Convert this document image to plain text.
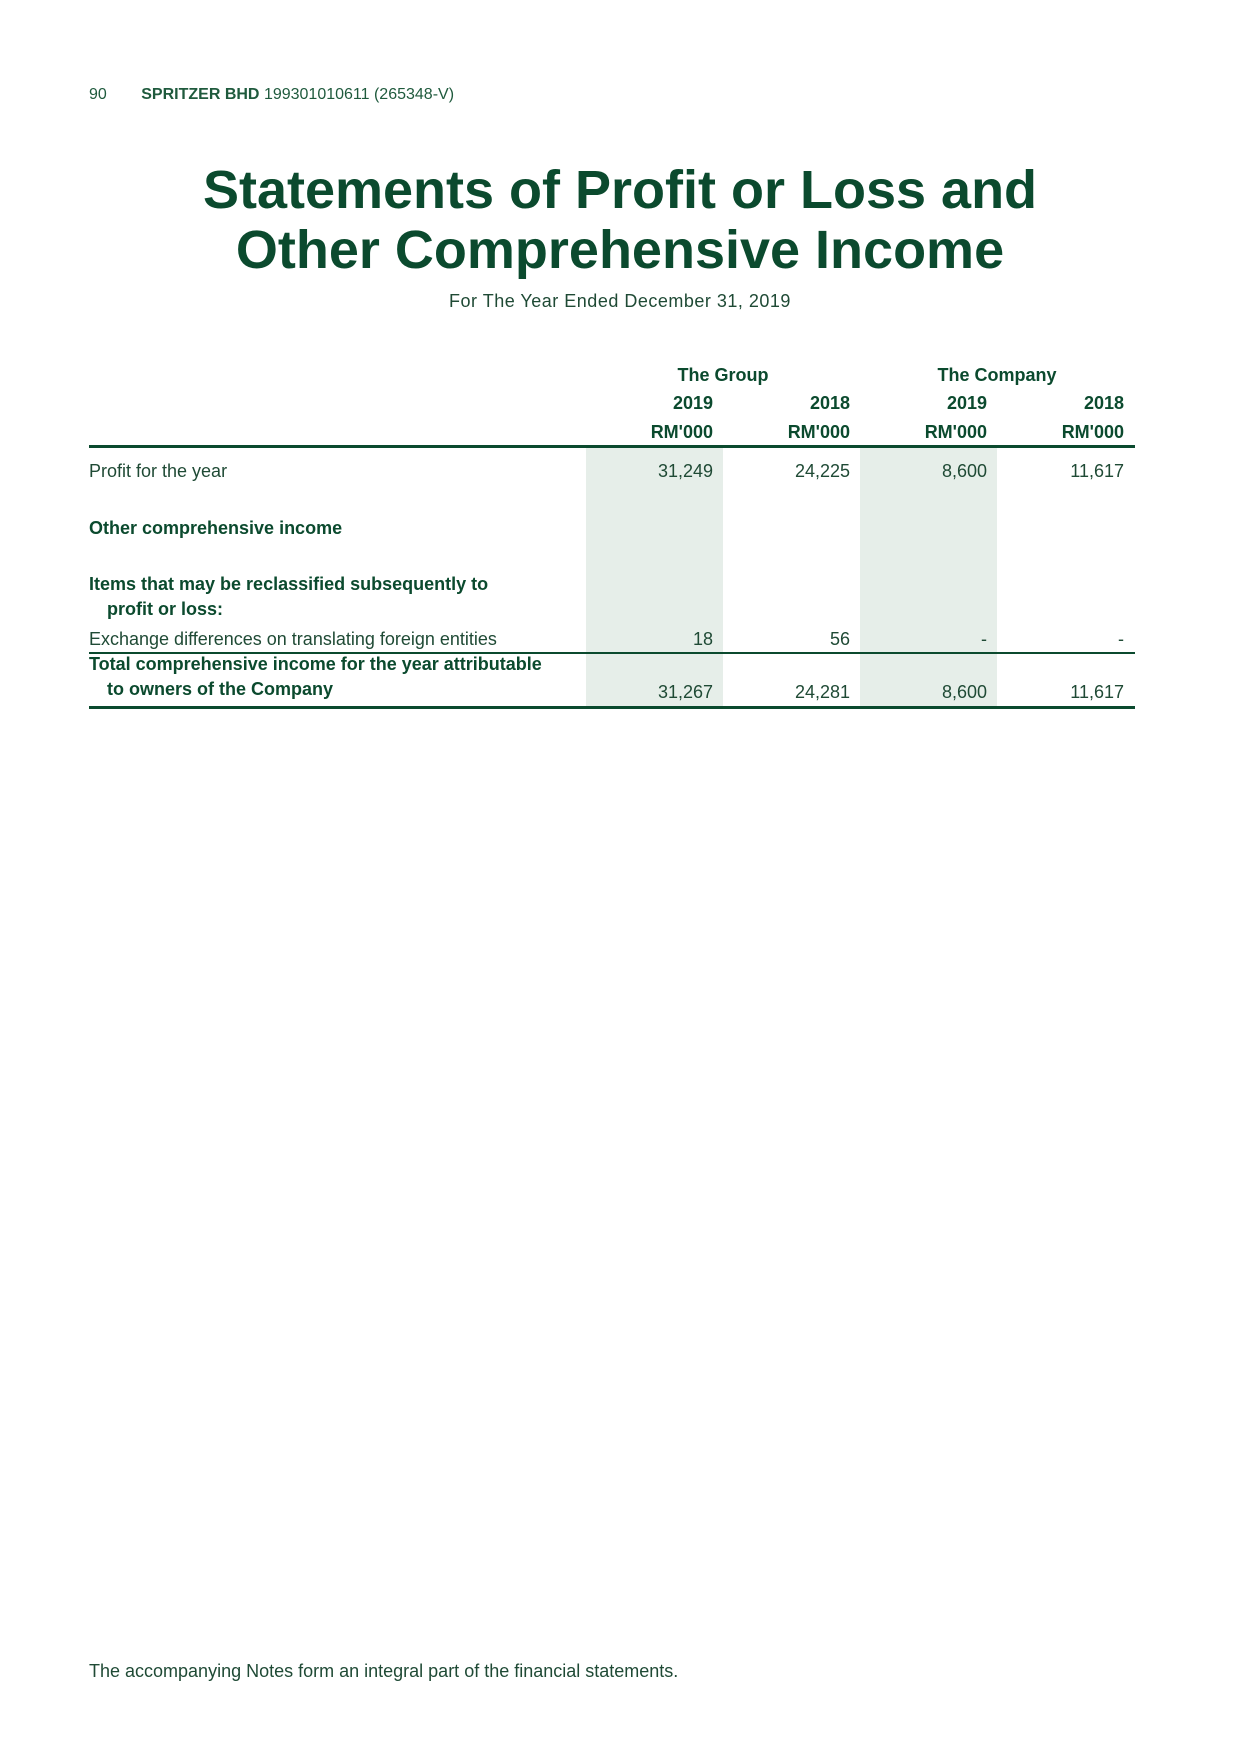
90 SPRITZER BHD 199301010611 (265348-V)
Statements of Profit or Loss and
Other Comprehensive Income
For The Year Ended December 31, 2019
The Group	The Company
2019	2018	2019	2018
RM'000	RM'000	RM'000	RM'000
Profit for the year	31,249	24,225	8,600	11,617
Other comprehensive income
Items that may be reclassified subsequently to
profit or loss:
Exchange differences on translating foreign entities	18	56	-	-
Total comprehensive income for the year attributable
to owners of the Company	31,267	24,281	8,600	11,617
The accompanying Notes form an integral part of the financial statements.
